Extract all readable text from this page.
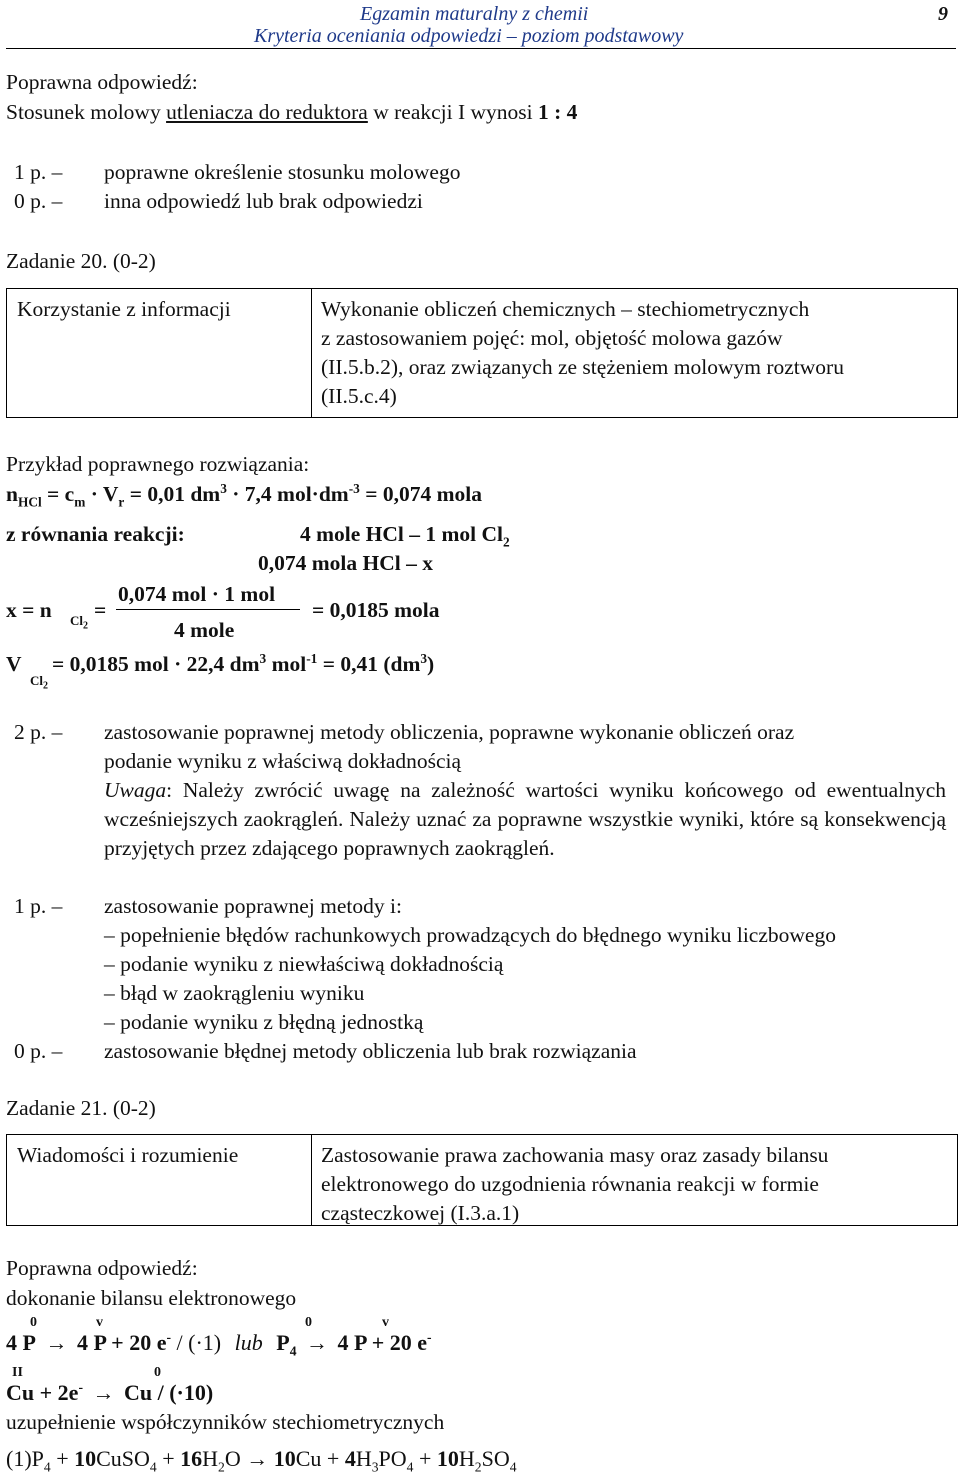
Egzamin maturalny z chemii
Kryteria oceniania odpowiedzi – poziom podstawowy
9
Poprawna odpowiedź:
Stosunek molowy utleniacza do reduktora w reakcji I wynosi 1 : 4
1 p. – poprawne określenie stosunku molowego
0 p. – inna odpowiedź lub brak odpowiedzi
Zadanie 20. (0-2)
Korzystanie z informacji	Wykonanie obliczeń chemicznych – stechiometrycznych
z zastosowaniem pojęć: mol, objętość molowa gazów
(II.5.b.2), oraz związanych ze stężeniem molowym roztworu
(II.5.c.4)
Przykład poprawnego rozwiązania:
$n_{HCl} = c_m \cdot V_r = 0,01$ $dm^3 \cdot 7,4$ $mol\cdot dm^{-3} = 0,074$ mola
z równania reakcji:	4 mole HCl – 1 mol $Cl_2$
0,074 mola HCl – x
x = n $Cl_2$
=
0,074 mol · 1 mol
4 mole
= 0,0185 mola
V
$Cl_2$
= 0,0185 mol · 22,4 $dm^3$ mol$^{-1}$ = 0,41 $(dm^3)$
2 p. – zastosowanie poprawnej metody obliczenia, poprawne wykonanie obliczeń oraz
podanie wyniku z właściwą dokładnością
Uwaga: Należy zwrócić uwagę na zależność wartości wyniku końcowego od ewentualnych wcześniejszych zaokrągleń. Należy uznać za poprawne wszystkie wyniki, które są konsekwencją przyjętych przez zdającego poprawnych zaokrągleń.
1 p. – zastosowanie poprawnej metody i:
– popełnienie błędów rachunkowych prowadzących do błędnego wyniku liczbowego
– podanie wyniku z niewłaściwą dokładnością
– błąd w zaokrągleniu wyniku
– podanie wyniku z błędną jednostką
0 p. – zastosowanie błędnej metody obliczenia lub brak rozwiązania
Zadanie 21. (0-2)
Wiadomości i rozumienie	Zastosowanie prawa zachowania masy oraz zasady bilansu
elektronowego do uzgodnienia równania reakcji w formie
cząsteczkowej (I.3.a.1)
Poprawna odpowiedź:
dokonanie bilansu elektronowego
0	v	0	v
4 P → 4 P + 20 e- / (·1) lub $P_4 \to 4$ P + 20 e-
II	0
Cu + 2e- → Cu / (·10)
uzupełnienie współczynników stechiometrycznych
$(1)P_4$ + 10CuSO$_4$ + $16H_2O \to 10Cu + 4H_3PO_4 + 10H_2SO_4$
